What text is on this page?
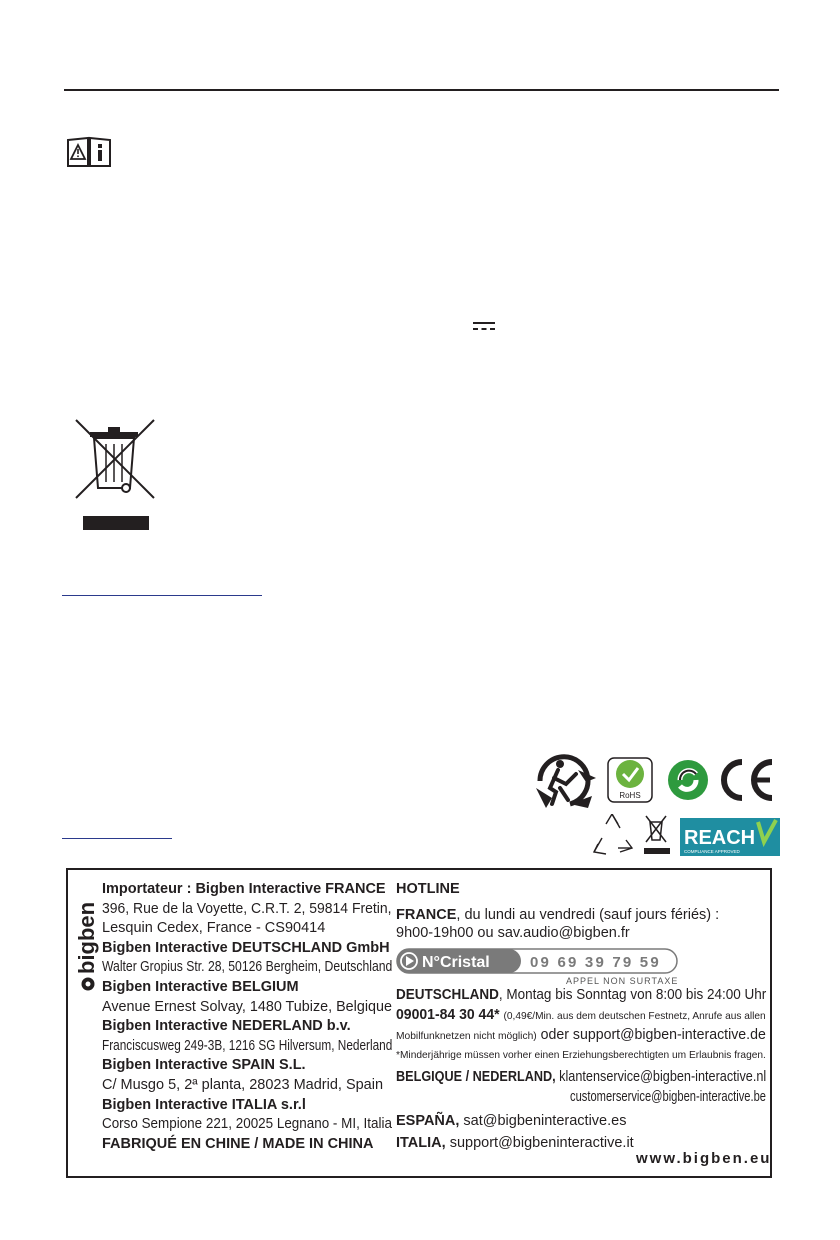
RoHS
REACH
COMPLIANCE APPROVED
bigben
Importateur : Bigben Interactive FRANCE
396, Rue de la Voyette, C.R.T. 2, 59814 Fretin,
Lesquin Cedex, France - CS90414
Bigben Interactive DEUTSCHLAND GmbH
Walter Gropius Str. 28, 50126 Bergheim, Deutschland
Bigben Interactive BELGIUM
Avenue Ernest Solvay, 1480 Tubize, Belgique
Bigben Interactive NEDERLAND b.v.
Franciscusweg 249-3B, 1216 SG Hilversum, Nederland
Bigben Interactive SPAIN S.L.
C/ Musgo 5, 2ª planta, 28023 Madrid, Spain
Bigben Interactive ITALIA s.r.l
Corso Sempione 221, 20025 Legnano - MI, Italia
FABRIQUÉ EN CHINE / MADE IN CHINA
HOTLINE
FRANCE, du lundi au vendredi (sauf jours fériés) :
9h00-19h00 ou sav.audio@bigben.fr
DEUTSCHLAND, Montag bis Sonntag von 8:00 bis 24:00 Uhr
09001-84 30 44* (0,49€/Min. aus dem deutschen Festnetz, Anrufe aus allen
Mobilfunknetzen nicht möglich) oder support@bigben-interactive.de
*Minderjährige müssen vorher einen Erziehungsberechtigten um Erlaubnis fragen.
BELGIQUE / NEDERLAND, klantenservice@bigben-interactive.nl
customerservice@bigben-interactive.be
ESPAÑA, sat@bigbeninteractive.es
ITALIA, support@bigbeninteractive.it
N°Cristal	09 69 39 79 59
APPEL NON SURTAXE
www.bigben.eu
